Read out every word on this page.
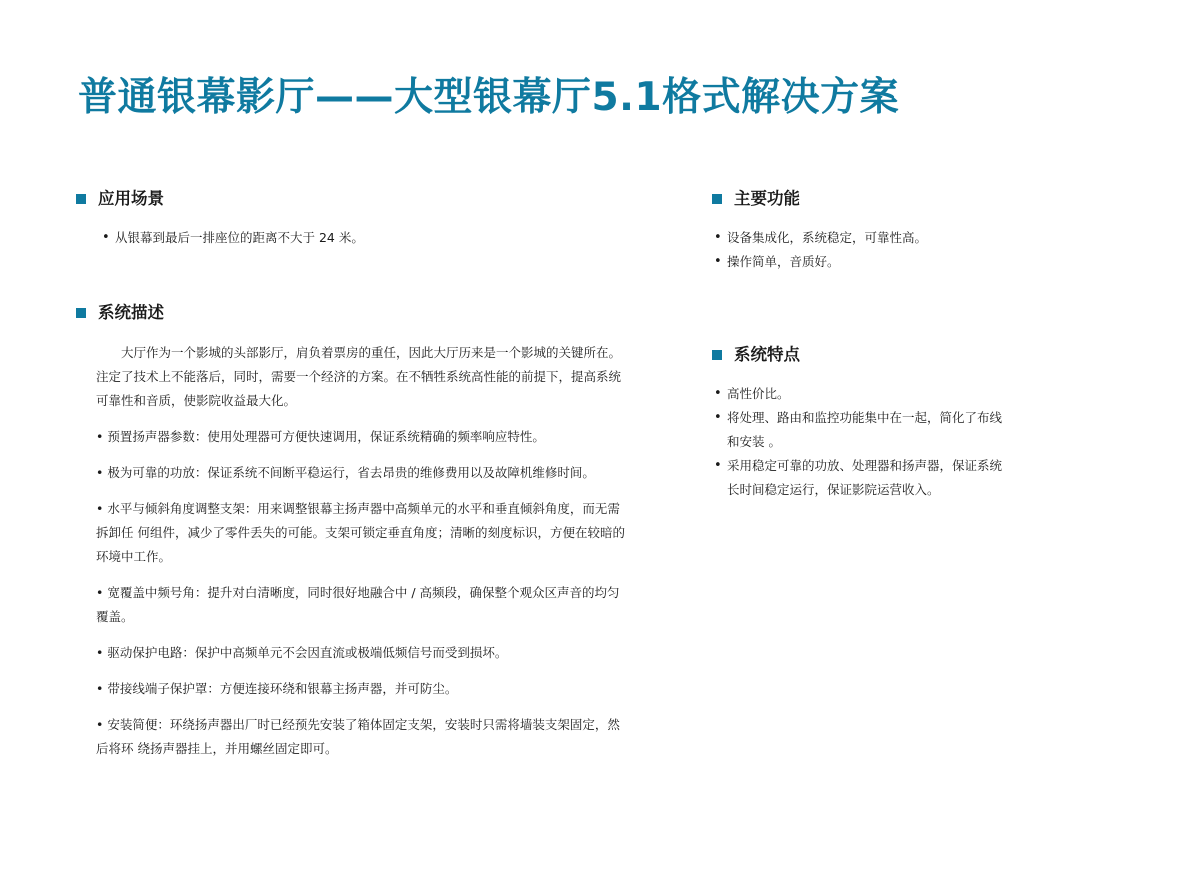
普通银幕影厅——大型银幕厅5.1格式解决方案
应用场景
• 从银幕到最后一排座位的距离不大于 24 米。
系统描述

大厅作为一个影城的头部影厅，肩负着票房的重任，因此大厅历来是一个影城的关键所在。注定了技术上不能落后，同时，需要一个经济的方案。在不牺牲系统高性能的前提下，提高系统可靠性和音质，使影院收益最大化。

• 预置扬声器参数：使用处理器可方便快速调用，保证系统精确的频率响应特性。

• 极为可靠的功放：保证系统不间断平稳运行，省去昂贵的维修费用以及故障机维修时间。

• 水平与倾斜角度调整支架：用来调整银幕主扬声器中高频单元的水平和垂直倾斜角度，而无需拆卸任 何组件，减少了零件丢失的可能。支架可锁定垂直角度；清晰的刻度标识，方便在较暗的环境中工作。

• 宽覆盖中频号角：提升对白清晰度，同时很好地融合中 / 高频段，确保整个观众区声音的均匀覆盖。

• 驱动保护电路：保护中高频单元不会因直流或极端低频信号而受到损坏。

• 带接线端子保护罩：方便连接环绕和银幕主扬声器，并可防尘。

• 安装简便：环绕扬声器出厂时已经预先安装了箱体固定支架，安装时只需将墙装支架固定，然后将环 绕扬声器挂上，并用螺丝固定即可。

主要功能
• 设备集成化，系统稳定，可靠性高。
• 操作简单，音质好。
系统特点
• 高性价比。
• 将处理、路由和监控功能集中在一起，简化了布线和安装 。
• 采用稳定可靠的功放、处理器和扬声器，保证系统长时间稳定运行，保证影院运营收入。
